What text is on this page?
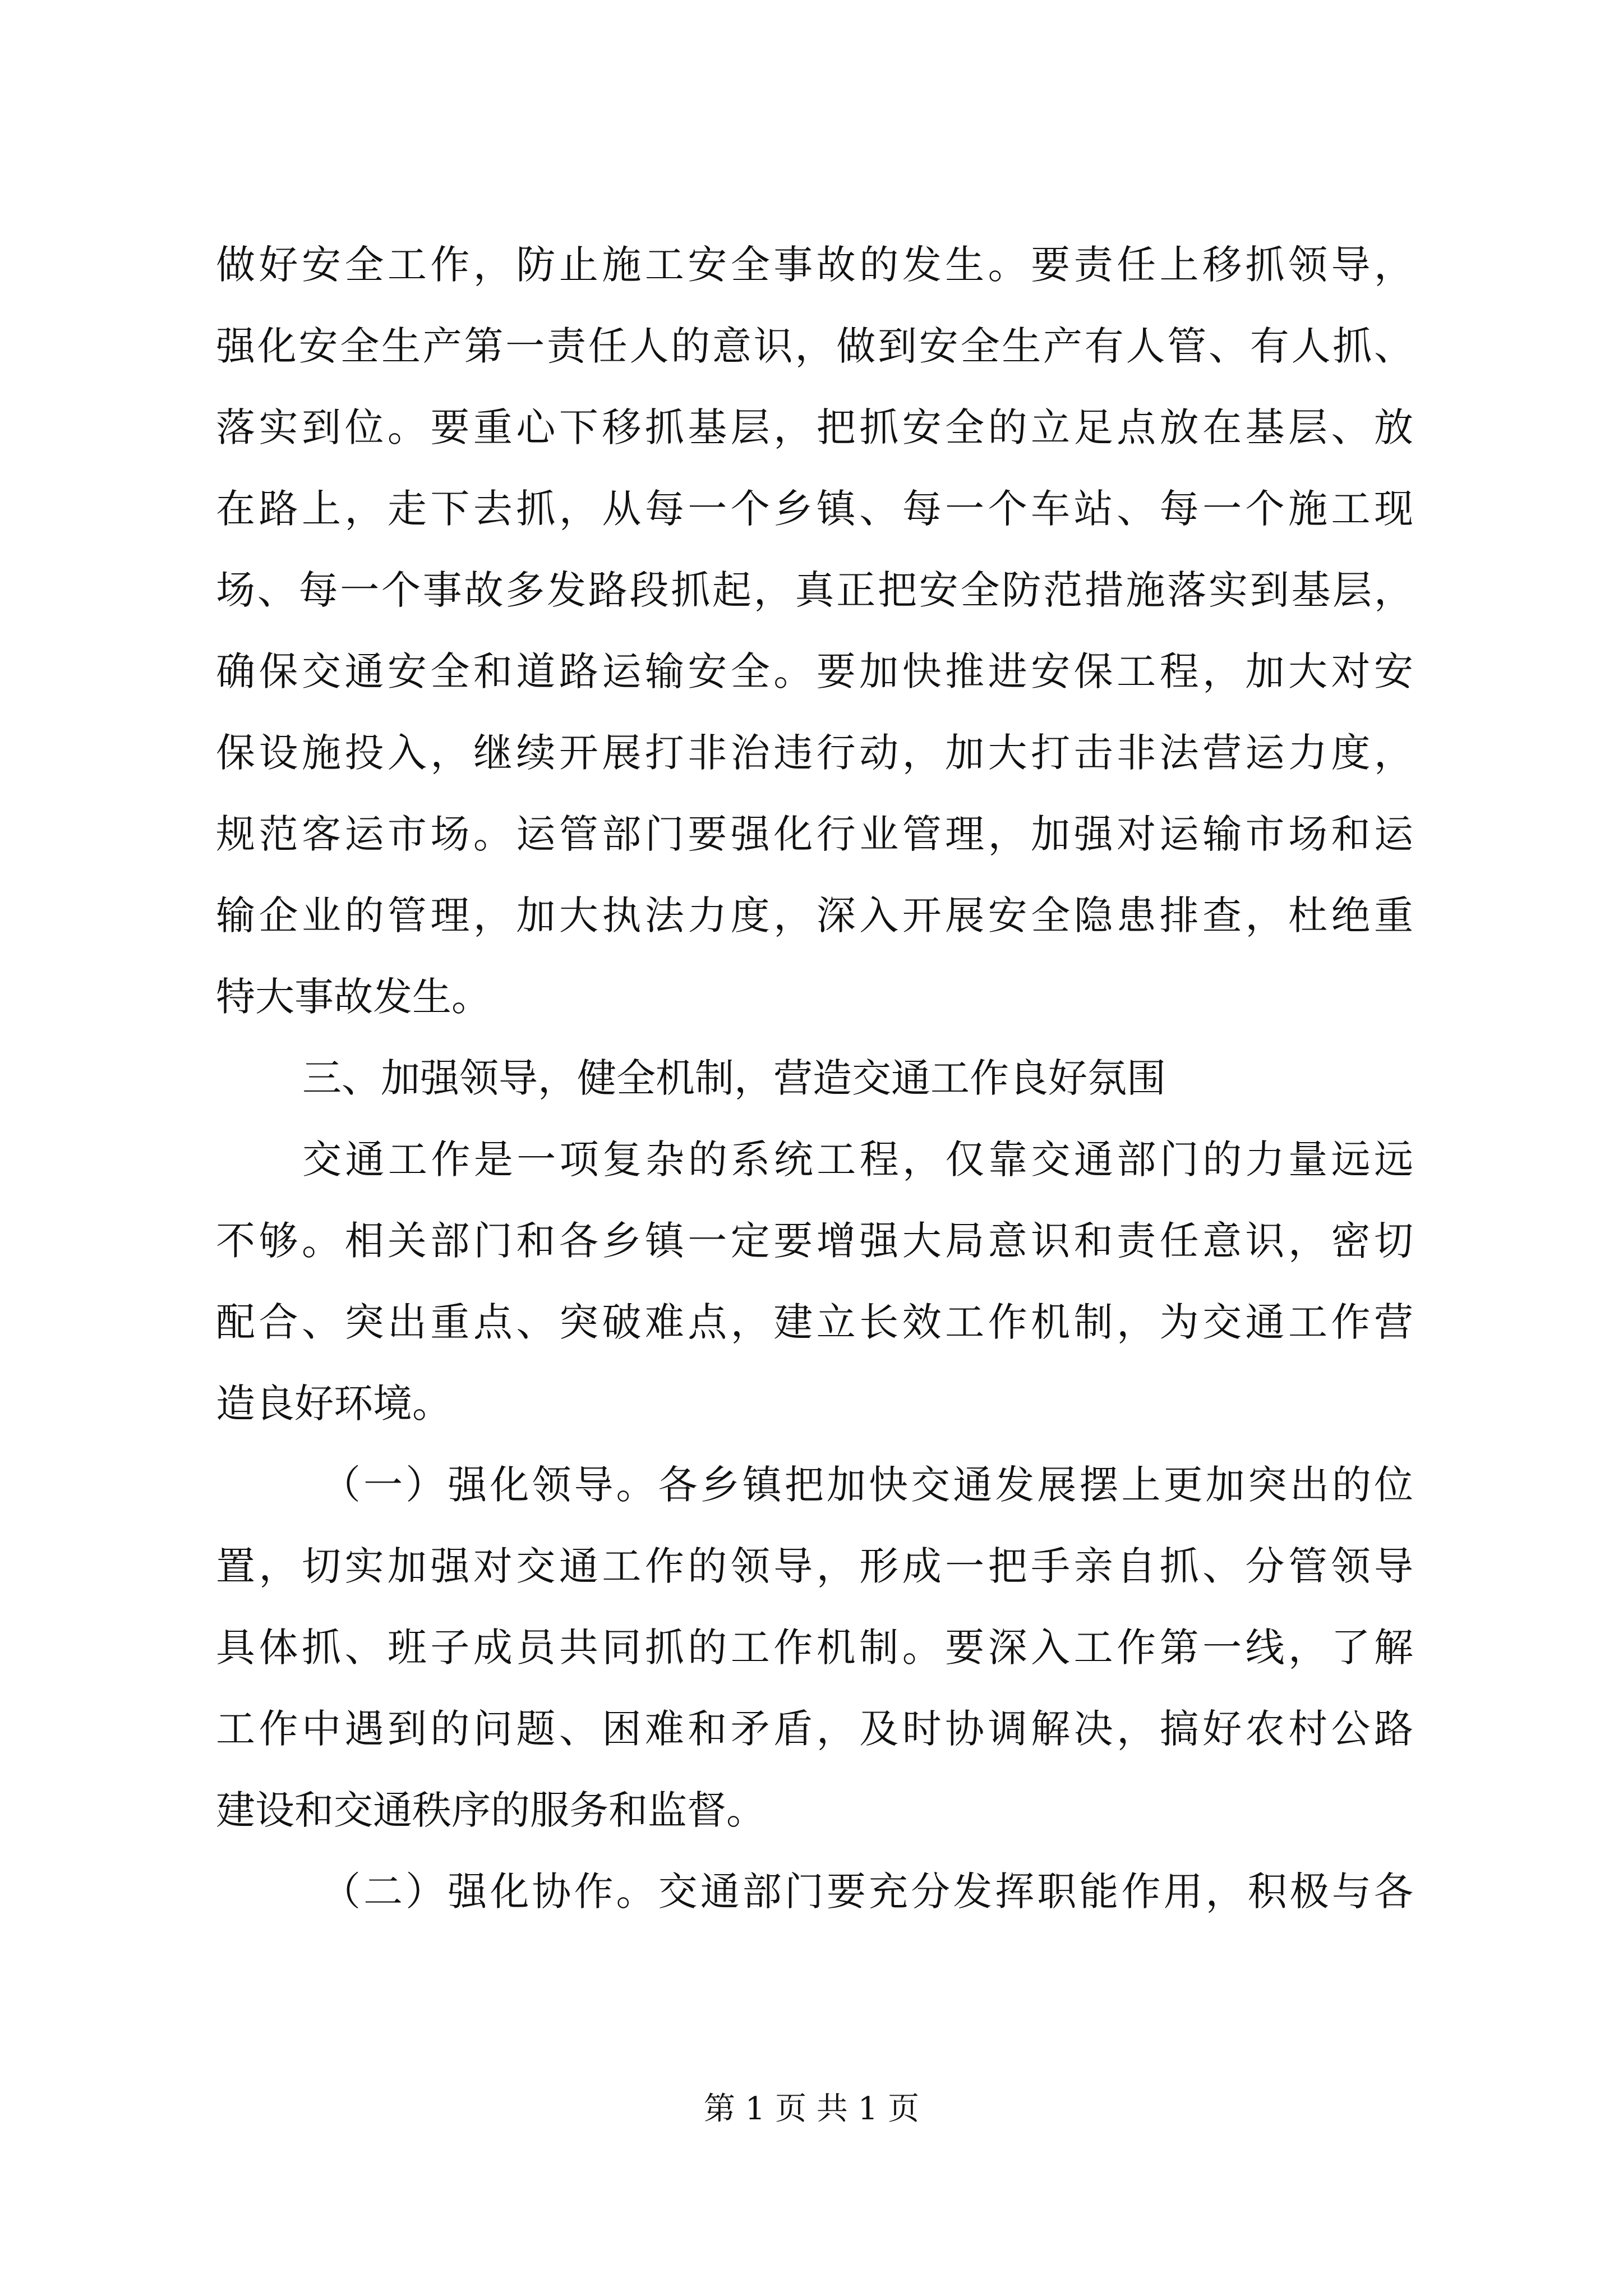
做好安全工作，防止施工安全事故的发生。要责任上移抓领导，
强化安全生产第一责任人的意识，做到安全生产有人管、有人抓、
落实到位。要重心下移抓基层，把抓安全的立足点放在基层、放
在路上，走下去抓，从每一个乡镇、每一个车站、每一个施工现
场、每一个事故多发路段抓起，真正把安全防范措施落实到基层，
确保交通安全和道路运输安全。要加快推进安保工程，加大对安
保设施投入，继续开展打非治违行动，加大打击非法营运力度，
规范客运市场。运管部门要强化行业管理，加强对运输市场和运
输企业的管理，加大执法力度，深入开展安全隐患排查，杜绝重
特大事故发生。
三、加强领导，健全机制，营造交通工作良好氛围
交通工作是一项复杂的系统工程，仅靠交通部门的力量远远
不够。相关部门和各乡镇一定要增强大局意识和责任意识，密切
配合、突出重点、突破难点，建立长效工作机制，为交通工作营
造良好环境。
（一）强化领导。各乡镇把加快交通发展摆上更加突出的位
置，切实加强对交通工作的领导，形成一把手亲自抓、分管领导
具体抓、班子成员共同抓的工作机制。要深入工作第一线，了解
工作中遇到的问题、困难和矛盾，及时协调解决，搞好农村公路
建设和交通秩序的服务和监督。
（二）强化协作。交通部门要充分发挥职能作用，积极与各
第 1 页 共 1 页
